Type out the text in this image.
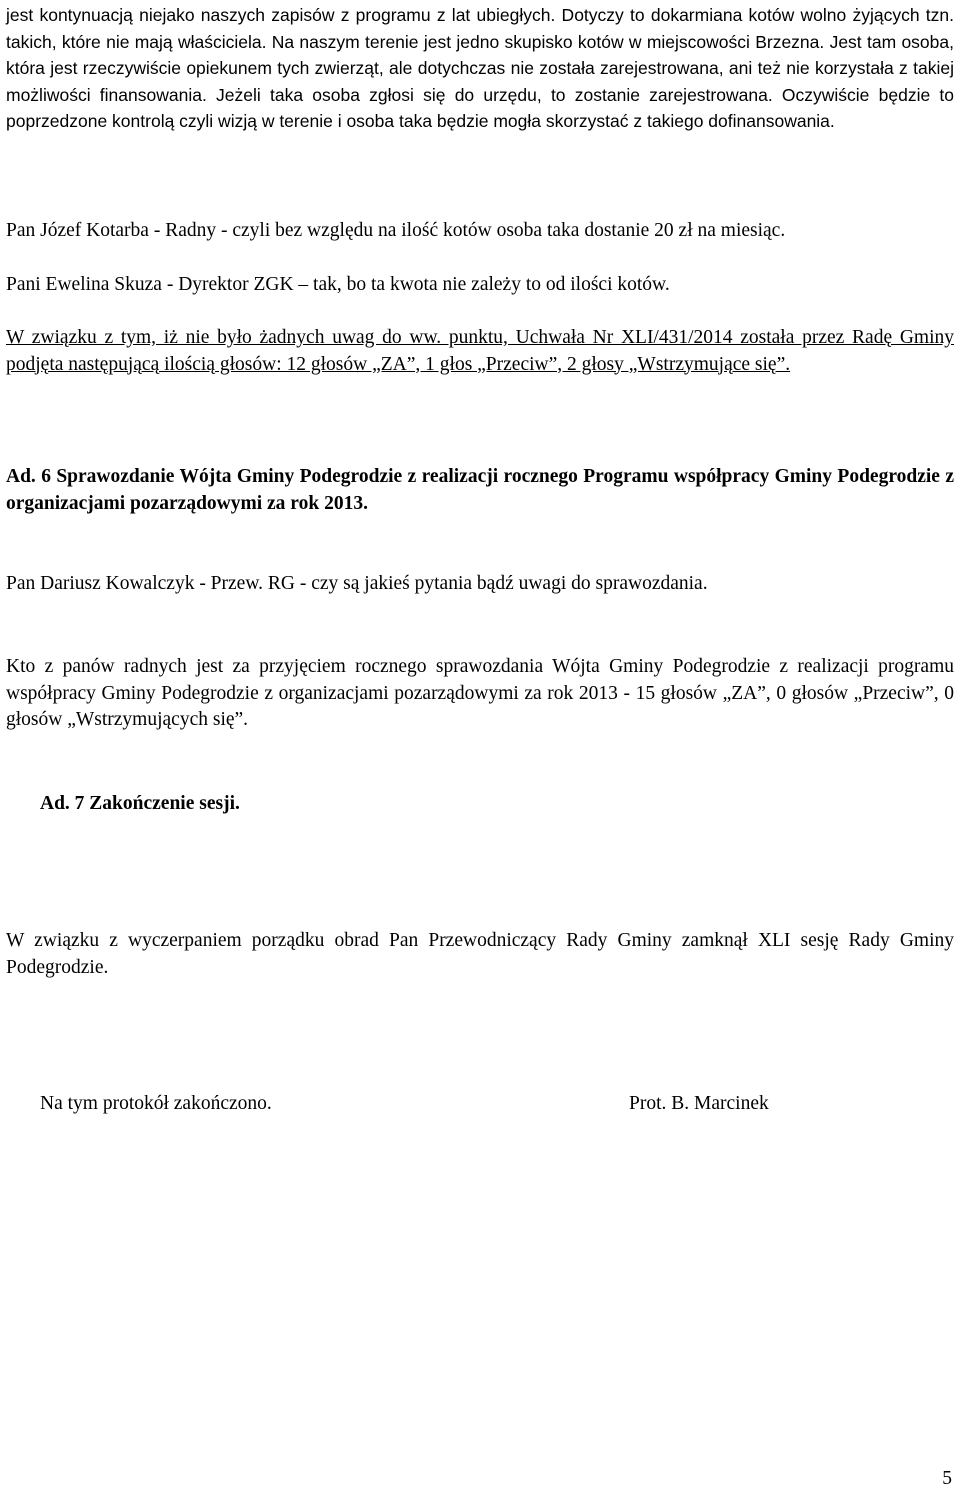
jest kontynuacją niejako naszych zapisów z programu z lat ubiegłych. Dotyczy to dokarmiana kotów wolno żyjących tzn. takich, które nie mają właściciela. Na naszym terenie jest jedno skupisko kotów w miejscowości Brzezna. Jest tam osoba, która jest rzeczywiście opiekunem tych zwierząt, ale dotychczas nie została zarejestrowana, ani też nie korzystała z takiej możliwości finansowania. Jeżeli taka osoba zgłosi się do urzędu, to zostanie zarejestrowana. Oczywiście będzie to poprzedzone kontrolą czyli wizją w terenie i osoba taka będzie mogła skorzystać z takiego dofinansowania.

Pan Józef Kotarba - Radny - czyli bez względu na ilość kotów osoba taka dostanie 20 zł na miesiąc.

Pani Ewelina Skuza - Dyrektor ZGK – tak, bo ta kwota nie zależy to od ilości kotów.

W związku z tym, iż nie było żadnych uwag do ww. punktu, Uchwała Nr XLI/431/2014 została przez Radę Gminy podjęta następującą ilością głosów: 12 głosów „ZA”, 1 głos „Przeciw”, 2 głosy „Wstrzymujące się”.

Ad. 6 Sprawozdanie Wójta Gminy Podegrodzie z realizacji rocznego Programu współpracy Gminy Podegrodzie z organizacjami pozarządowymi za rok 2013.

Pan Dariusz Kowalczyk - Przew. RG - czy są jakieś pytania bądź uwagi do sprawozdania.

Kto z panów radnych jest za przyjęciem rocznego sprawozdania Wójta Gminy Podegrodzie z realizacji programu współpracy Gminy Podegrodzie z organizacjami pozarządowymi za rok 2013 - 15 głosów „ZA”, 0 głosów „Przeciw”, 0 głosów „Wstrzymujących się”.

Ad. 7 Zakończenie sesji.

W związku z wyczerpaniem porządku obrad Pan Przewodniczący Rady Gminy zamknął XLI sesję Rady Gminy Podegrodzie.

Na tym protokół zakończono.	Prot. B. Marcinek

5
